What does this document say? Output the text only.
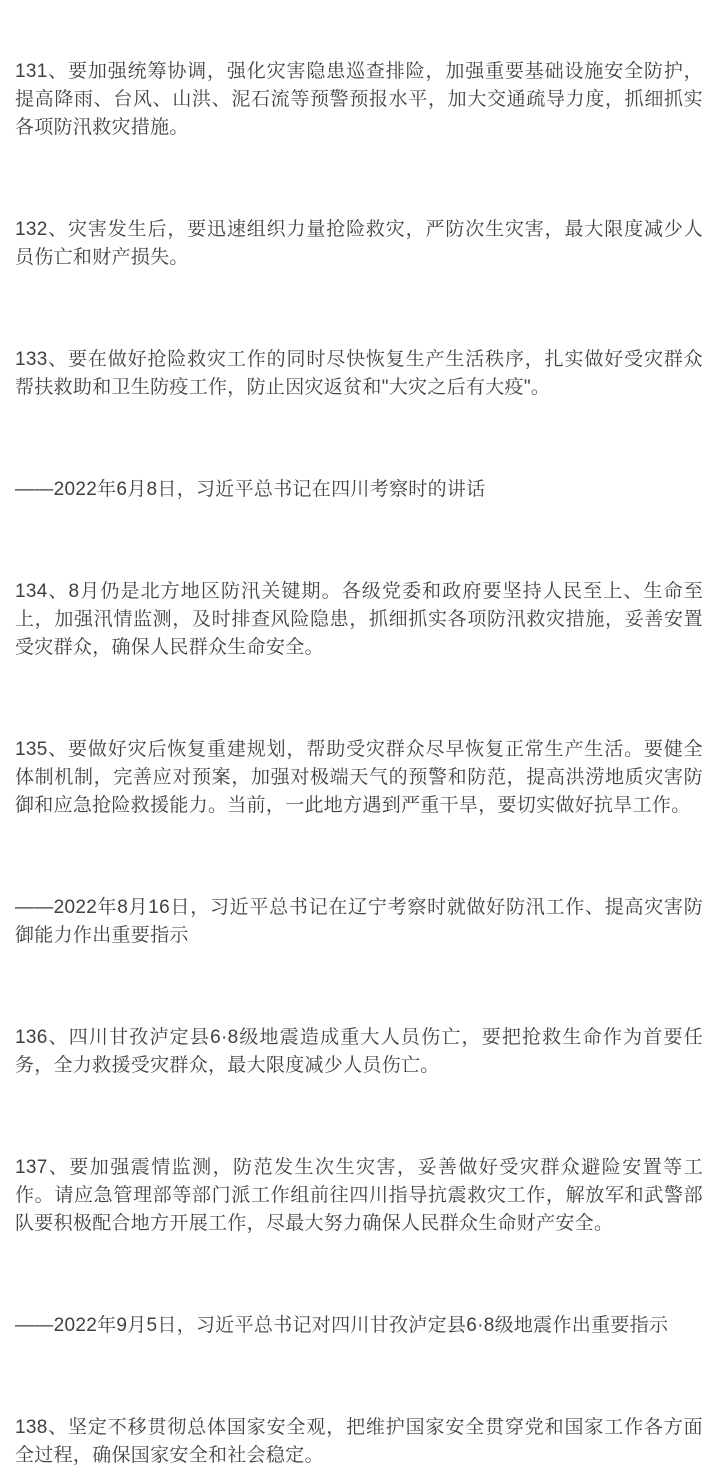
131、要加强统筹协调，强化灾害隐患巡查排险，加强重要基础设施安全防护，提高降雨、台风、山洪、泥石流等预警预报水平，加大交通疏导力度，抓细抓实各项防汛救灾措施。

132、灾害发生后，要迅速组织力量抢险救灾，严防次生灾害，最大限度减少人员伤亡和财产损失。

133、要在做好抢险救灾工作的同时尽快恢复生产生活秩序，扎实做好受灾群众帮扶救助和卫生防疫工作，防止因灾返贫和"大灾之后有大疫"。

——2022年6月8日，习近平总书记在四川考察时的讲话

134、8月仍是北方地区防汛关键期。各级党委和政府要坚持人民至上、生命至上，加强汛情监测，及时排查风险隐患，抓细抓实各项防汛救灾措施，妥善安置受灾群众，确保人民群众生命安全。

135、要做好灾后恢复重建规划，帮助受灾群众尽早恢复正常生产生活。要健全体制机制，完善应对预案，加强对极端天气的预警和防范，提高洪涝地质灾害防御和应急抢险救援能力。当前，一此地方遇到严重干旱，要切实做好抗旱工作。

——2022年8月16日，习近平总书记在辽宁考察时就做好防汛工作、提高灾害防御能力作出重要指示

136、四川甘孜泸定县6·8级地震造成重大人员伤亡，要把抢救生命作为首要任务，全力救援受灾群众，最大限度减少人员伤亡。

137、要加强震情监测，防范发生次生灾害，妥善做好受灾群众避险安置等工作。请应急管理部等部门派工作组前往四川指导抗震救灾工作，解放军和武警部队要积极配合地方开展工作，尽最大努力确保人民群众生命财产安全。

——2022年9月5日，习近平总书记对四川甘孜泸定县6·8级地震作出重要指示

138、坚定不移贯彻总体国家安全观，把维护国家安全贯穿党和国家工作各方面全过程，确保国家安全和社会稳定。
